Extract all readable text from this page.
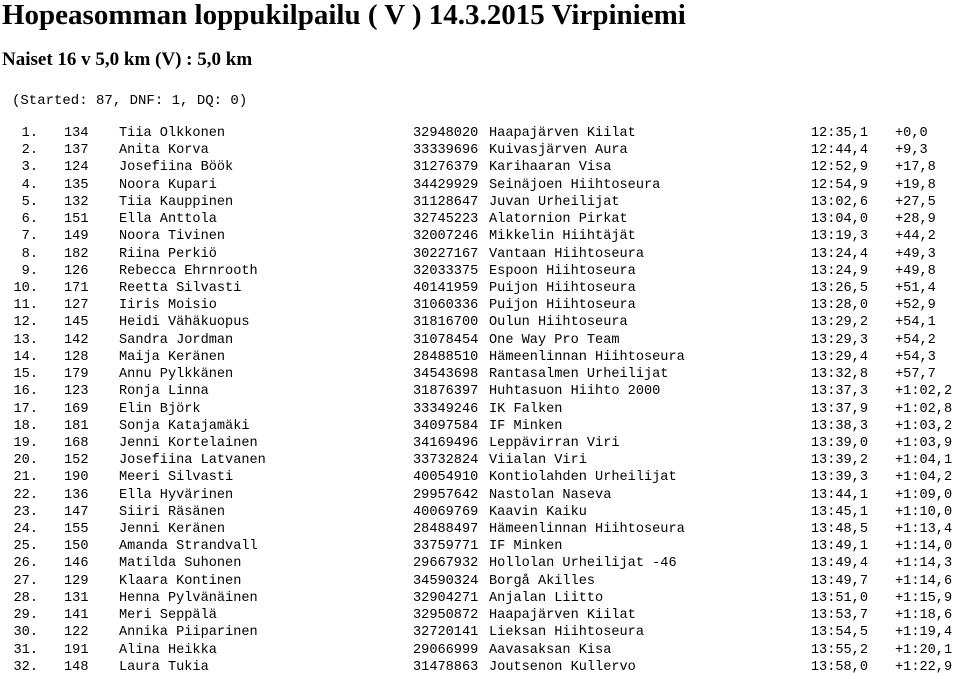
Hopeasomman loppukilpailu ( V ) 14.3.2015 Virpiniemi
Naiset 16 v 5,0 km (V) : 5,0 km
(Started: 87, DNF: 1, DQ: 0)
1. 134 Tiia Olkkonen	32948020 Haapajärven Kiilat	12:35,1 +0,0
2. 137 Anita Korva	33339696 Kuivasjärven Aura	12:44,4 +9,3
3. 124 Josefiina Böök	31276379 Karihaaran Visa	12:52,9 +17,8
4. 135 Noora Kupari	34429929 Seinäjoen Hiihtoseura	12:54,9 +19,8
5. 132 Tiia Kauppinen	31128647 Juvan Urheilijat	13:02,6 +27,5
6. 151 Ella Anttola	32745223 Alatornion Pirkat	13:04,0 +28,9
7. 149 Noora Tivinen	32007246 Mikkelin Hiihtäjät	13:19,3 +44,2
8. 182 Riina Perkiö	30227167 Vantaan Hiihtoseura	13:24,4 +49,3
9. 126 Rebecca Ehrnrooth	32033375 Espoon Hiihtoseura	13:24,9 +49,8
10. 171 Reetta Silvasti	40141959 Puijon Hiihtoseura	13:26,5 +51,4
11. 127 Iiris Moisio	31060336 Puijon Hiihtoseura	13:28,0 +52,9
12. 145 Heidi Vähäkuopus	31816700 Oulun Hiihtoseura	13:29,2 +54,1
13. 142 Sandra Jordman	31078454 One Way Pro Team	13:29,3 +54,2
14. 128 Maija Keränen	28488510 Hämeenlinnan Hiihtoseura	13:29,4 +54,3
15. 179 Annu Pylkkänen	34543698 Rantasalmen Urheilijat	13:32,8 +57,7
16. 123 Ronja Linna	31876397 Huhtasuon Hiihto 2000	13:37,3 +1:02,2
17. 169 Elin Björk	33349246 IK Falken	13:37,9 +1:02,8
18. 181 Sonja Katajamäki	34097584 IF Minken	13:38,3 +1:03,2
19. 168 Jenni Kortelainen	34169496 Leppävirran Viri	13:39,0 +1:03,9
20. 152 Josefiina Latvanen	33732824 Viialan Viri	13:39,2 +1:04,1
21. 190 Meeri Silvasti	40054910 Kontiolahden Urheilijat	13:39,3 +1:04,2
22. 136 Ella Hyvärinen	29957642 Nastolan Naseva	13:44,1 +1:09,0
23. 147 Siiri Räsänen	40069769 Kaavin Kaiku	13:45,1 +1:10,0
24. 155 Jenni Keränen	28488497 Hämeenlinnan Hiihtoseura	13:48,5 +1:13,4
25. 150 Amanda Strandvall	33759771 IF Minken	13:49,1 +1:14,0
26. 146 Matilda Suhonen	29667932 Hollolan Urheilijat -46	13:49,4 +1:14,3
27. 129 Klaara Kontinen	34590324 Borgå Akilles	13:49,7 +1:14,6
28. 131 Henna Pylvänäinen	32904271 Anjalan Liitto	13:51,0 +1:15,9
29. 141 Meri Seppälä	32950872 Haapajärven Kiilat	13:53,7 +1:18,6
30. 122 Annika Piiparinen	32720141 Lieksan Hiihtoseura	13:54,5 +1:19,4
31. 191 Alina Heikka	29066999 Aavasaksan Kisa	13:55,2 +1:20,1
32. 148 Laura Tukia	31478863 Joutsenon Kullervo	13:58,0 +1:22,9
